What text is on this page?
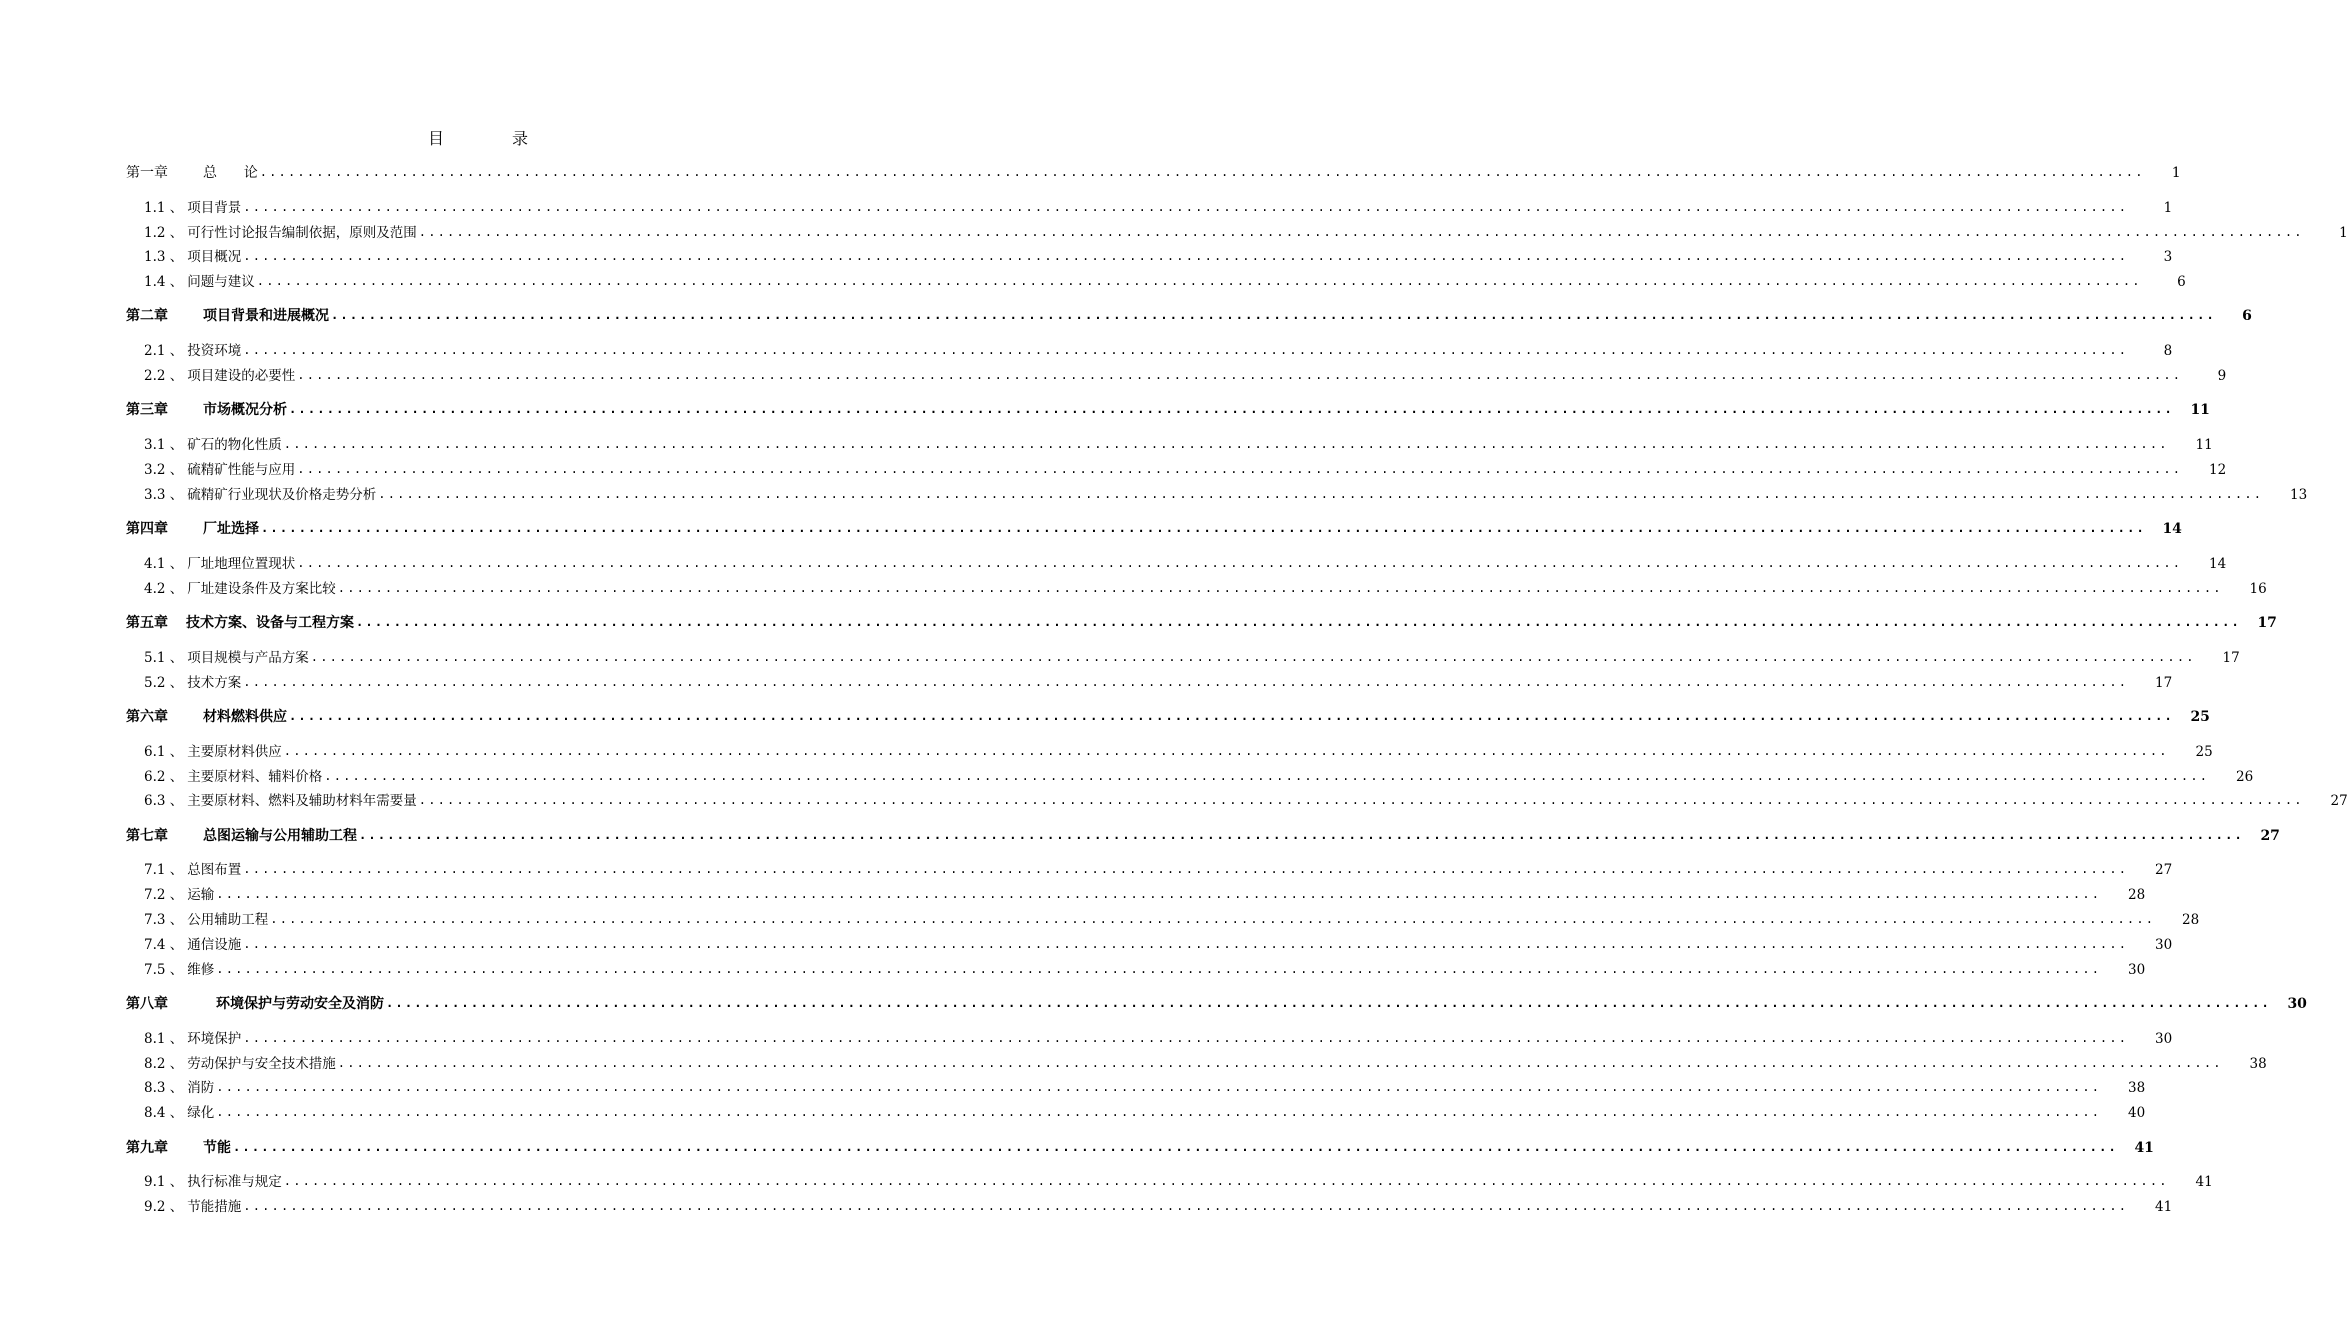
目	录
第一章	总      论 ........................................................................................................................................................................................................	1
1.1 、 项目背景 ........................................................................................................................................................................................................	1
1.2 、 可行性讨论报告编制依据，原则及范围 ........................................................................................................................................................................................................	1
1.3 、 项目概况 ........................................................................................................................................................................................................	3
1.4 、 问题与建议 ........................................................................................................................................................................................................	6
第二章	项目背景和进展概况 ........................................................................................................................................................................................................	6
2.1 、 投资环境 ........................................................................................................................................................................................................	8
2.2 、 项目建设的必要性 ........................................................................................................................................................................................................	9
第三章	市场概况分析 ........................................................................................................................................................................................................	11
3.1 、 矿石的物化性质 ........................................................................................................................................................................................................	11
3.2 、 硫精矿性能与应用 ........................................................................................................................................................................................................	12
3.3 、 硫精矿行业现状及价格走势分析 ........................................................................................................................................................................................................	13
第四章	厂址选择 ........................................................................................................................................................................................................	14
4.1 、 厂址地理位置现状 ........................................................................................................................................................................................................	14
4.2 、 厂址建设条件及方案比较 ........................................................................................................................................................................................................	16
第五章 技术方案、设备与工程方案 ........................................................................................................................................................................................................	17
5.1 、 项目规模与产品方案 ........................................................................................................................................................................................................	17
5.2 、 技术方案 ........................................................................................................................................................................................................	17
第六章	材料燃料供应 ........................................................................................................................................................................................................	25
6.1 、 主要原材料供应 ........................................................................................................................................................................................................	25
6.2 、 主要原材料、辅料价格 ........................................................................................................................................................................................................	26
6.3 、 主要原材料、燃料及辅助材料年需要量 ........................................................................................................................................................................................................	27
第七章	总图运输与公用辅助工程 ........................................................................................................................................................................................................	27
7.1 、 总图布置 ........................................................................................................................................................................................................	27
7.2 、 运输 ........................................................................................................................................................................................................	28
7.3 、 公用辅助工程 ........................................................................................................................................................................................................	28
7.4 、 通信设施 ........................................................................................................................................................................................................	30
7.5 、 维修 ........................................................................................................................................................................................................	30
第八章	环境保护与劳动安全及消防 ........................................................................................................................................................................................................	30
8.1 、 环境保护 ........................................................................................................................................................................................................	30
8.2 、 劳动保护与安全技术措施 ........................................................................................................................................................................................................	38
8.3 、 消防 ........................................................................................................................................................................................................	38
8.4 、 绿化 ........................................................................................................................................................................................................	40
第九章	节能 ........................................................................................................................................................................................................	41
9.1 、 执行标准与规定 ........................................................................................................................................................................................................	41
9.2 、 节能措施 ........................................................................................................................................................................................................	41
